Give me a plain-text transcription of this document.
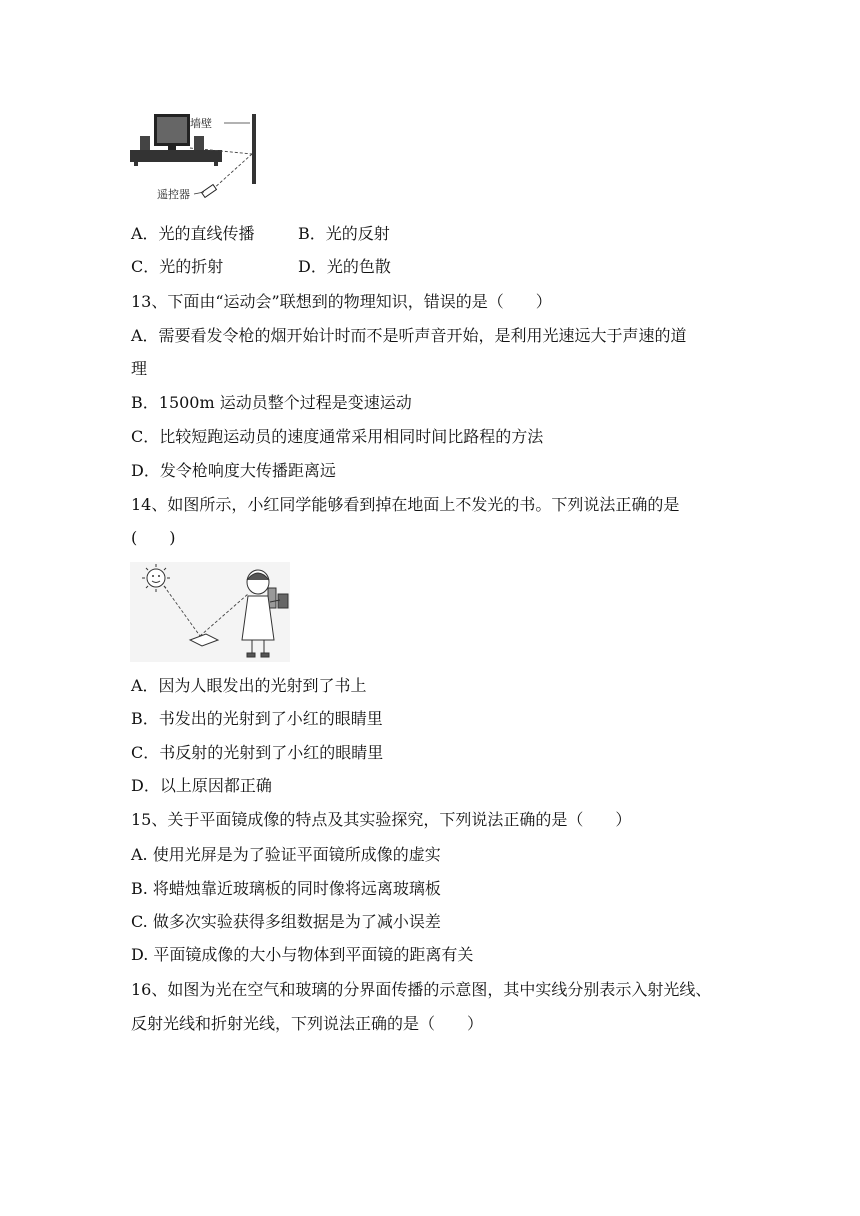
墙壁
遥控器
A．光的直线传播	B．光的反射
C．光的折射	D．光的色散
13、下面由“运动会”联想到的物理知识，错误的是（　　）
A．需要看发令枪的烟开始计时而不是听声音开始，是利用光速远大于声速的道
理
B．1500m 运动员整个过程是变速运动
C．比较短跑运动员的速度通常采用相同时间比路程的方法
D．发令枪响度大传播距离远
14、如图所示，小红同学能够看到掉在地面上不发光的书。下列说法正确的是
(　　)
A．因为人眼发出的光射到了书上
B．书发出的光射到了小红的眼睛里
C．书反射的光射到了小红的眼睛里
D．以上原因都正确
15、关于平面镜成像的特点及其实验探究，下列说法正确的是（　　）
A. 使用光屏是为了验证平面镜所成像的虚实
B. 将蜡烛靠近玻璃板的同时像将远离玻璃板
C. 做多次实验获得多组数据是为了减小误差
D. 平面镜成像的大小与物体到平面镜的距离有关
16、如图为光在空气和玻璃的分界面传播的示意图，其中实线分别表示入射光线、
反射光线和折射光线，下列说法正确的是（　　）
